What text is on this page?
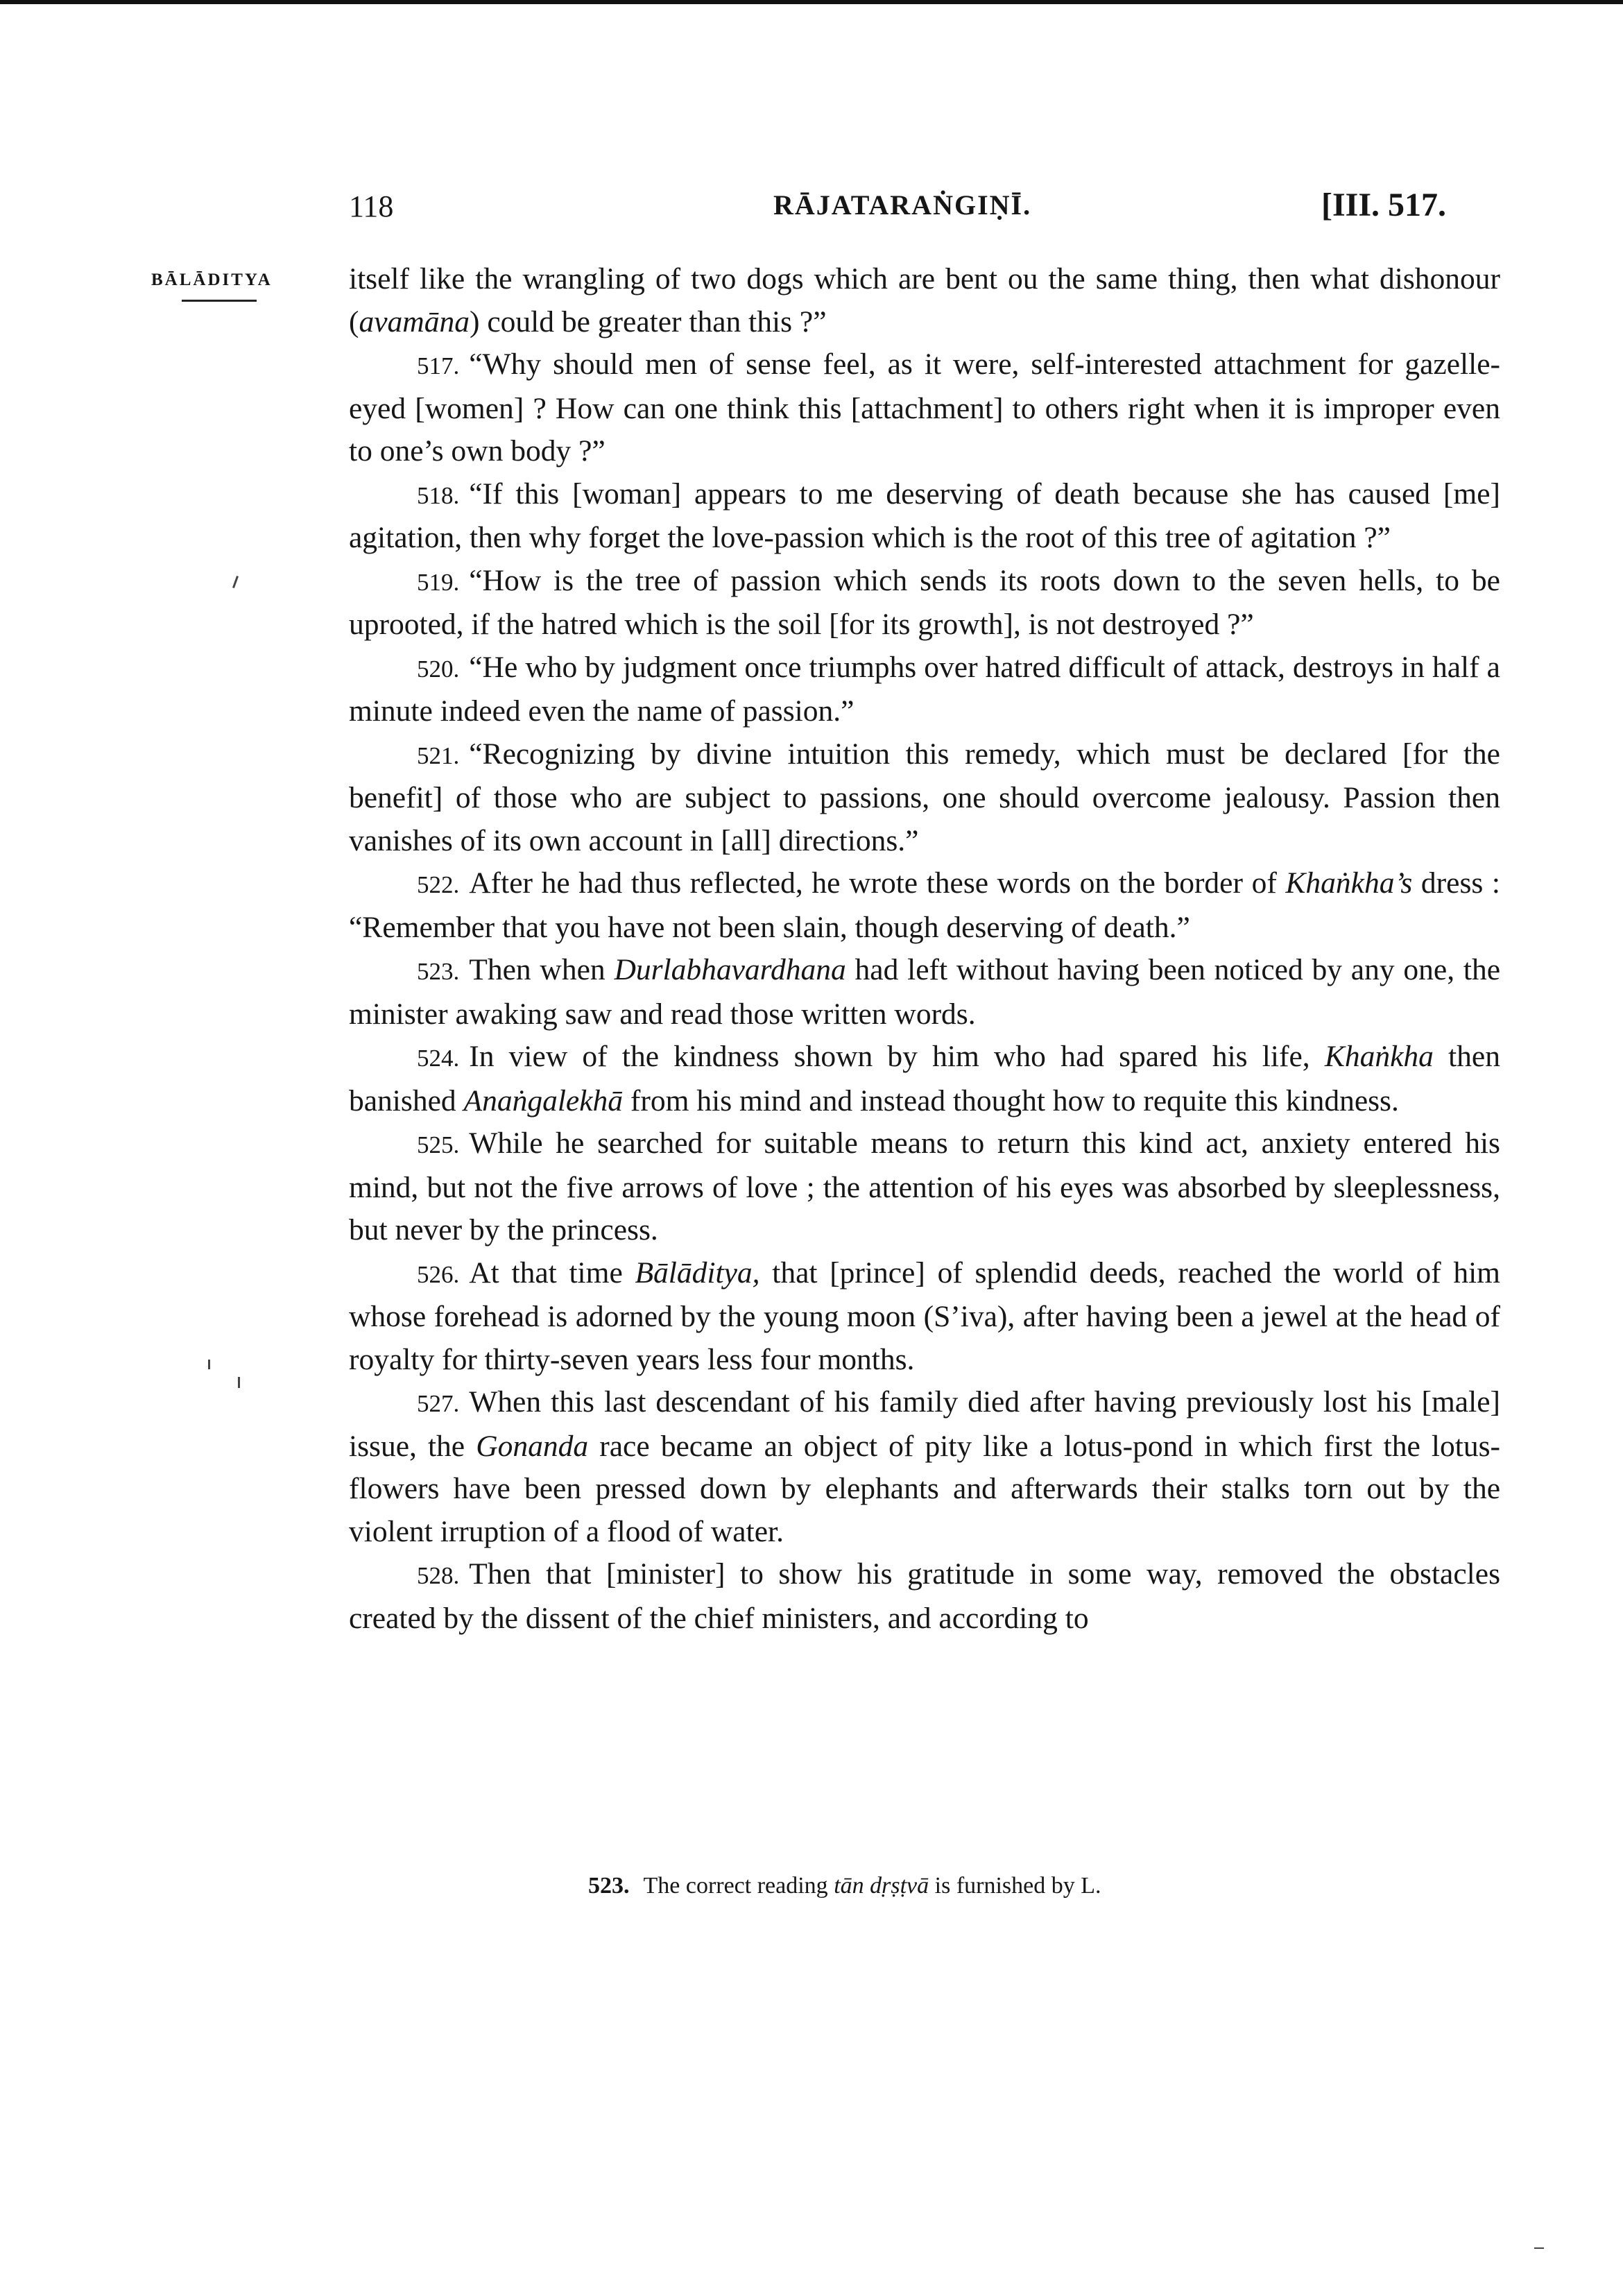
118	RĀJATARAṄGIṆĪ.	[III. 517.
BĀLĀDITYA	itself like the wrangling of two dogs which are bent ou the same thing, then what dishonour (avamāna) could be greater than this ?”

517. “Why should men of sense feel, as it were, self-interested attachment for gazelle-eyed [women] ? How can one think this [attachment] to others right when it is improper even to one’s own body ?”

518. “If this [woman] appears to me deserving of death because she has caused [me] agitation, then why forget the love-passion which is the root of this tree of agitation ?”

519. “How is the tree of passion which sends its roots down to the seven hells, to be uprooted, if the hatred which is the soil [for its growth], is not destroyed ?”

520. “He who by judgment once triumphs over hatred difficult of attack, destroys in half a minute indeed even the name of passion.”

521. “Recognizing by divine intuition this remedy, which must be declared [for the benefit] of those who are subject to passions, one should overcome jealousy. Passion then vanishes of its own account in [all] directions.”

522. After he had thus reflected, he wrote these words on the border of Khaṅkha’s dress : “Remember that you have not been slain, though deserving of death.”

523. Then when Durlabhavardhana had left without having been noticed by any one, the minister awaking saw and read those written words.

524. In view of the kindness shown by him who had spared his life, Khaṅkha then banished Anaṅgalekhā from his mind and instead thought how to requite this kindness.

525. While he searched for suitable means to return this kind act, anxiety entered his mind, but not the five arrows of love ; the attention of his eyes was absorbed by sleeplessness, but never by the princess.

526. At that time Bālāditya, that [prince] of splendid deeds, reached the world of him whose forehead is adorned by the young moon (S’iva), after having been a jewel at the head of royalty for thirty-seven years less four months.

527. When this last descendant of his family died after having previously lost his [male] issue, the Gonanda race became an object of pity like a lotus-pond in which first the lotus-flowers have been pressed down by elephants and afterwards their stalks torn out by the violent irruption of a flood of water.

528. Then that [minister] to show his gratitude in some way, removed the obstacles created by the dissent of the chief ministers, and according to

523. The correct reading tān dṛṣṭvā is furnished by L.
